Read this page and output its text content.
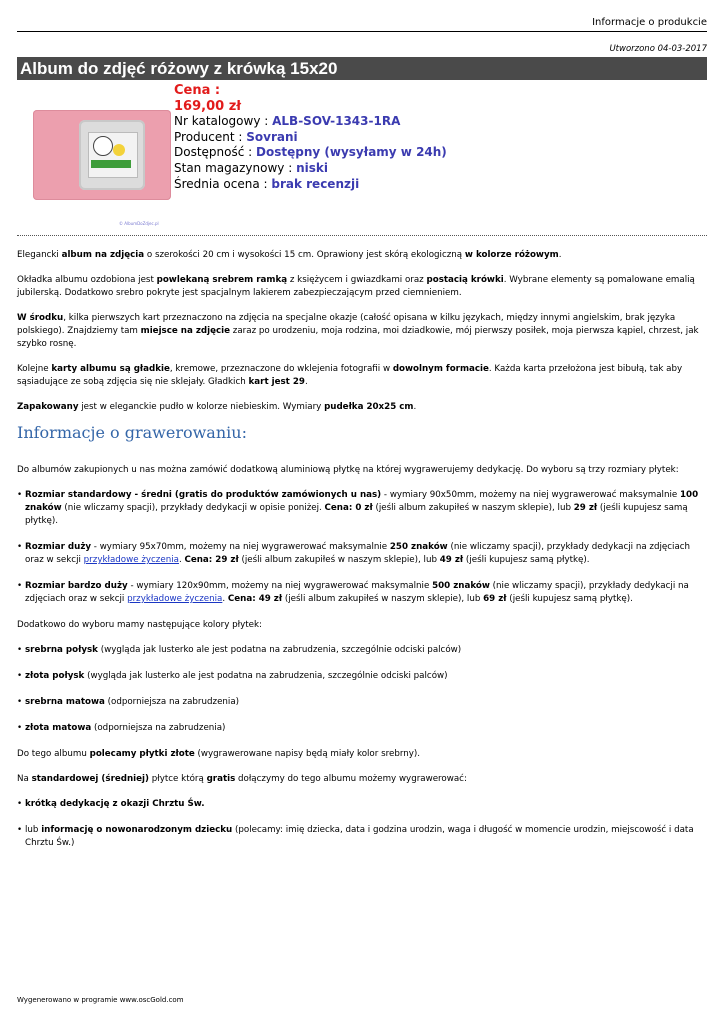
Informacje o produkcie
Utworzono 04-03-2017
Album do zdjęć różowy z krówką 15x20
© AlbumDoZdjec.pl
Cena :
169,00 zł
Nr katalogowy : ALB-SOV-1343-1RA
Producent : Sovrani
Dostępność : Dostępny (wysyłamy w 24h)
Stan magazynowy : niski
Średnia ocena : brak recenzji

Elegancki album na zdjęcia o szerokości 20 cm i wysokości 15 cm. Oprawiony jest skórą ekologiczną w kolorze różowym.

Okładka albumu ozdobiona jest powlekaną srebrem ramką z księżycem i gwiazdkami oraz postacią krówki. Wybrane elementy są pomalowane emalią jubilerską. Dodatkowo srebro pokryte jest spacjalnym lakierem zabezpieczającym przed ciemnieniem.

W środku, kilka pierwszych kart przeznaczono na zdjęcia na specjalne okazje (całość opisana w kilku językach, między innymi angielskim, brak języka polskiego). Znajdziemy tam miejsce na zdjęcie zaraz po urodzeniu, moja rodzina, moi dziadkowie, mój pierwszy posiłek, moja pierwsza kąpiel, chrzest, jak szybko rosnę.

Kolejne karty albumu są gładkie, kremowe, przeznaczone do wklejenia fotografii w dowolnym formacie. Każda karta przełożona jest bibułą, tak aby sąsiadujące ze sobą zdjęcia się nie sklejały. Gładkich kart jest 29.

Zapakowany jest w eleganckie pudło w kolorze niebieskim. Wymiary pudełka 20x25 cm.

Informacje o grawerowaniu:

Do albumów zakupionych u nas można zamówić dodatkową aluminiową płytkę na której wygrawerujemy dedykację. Do wyboru są trzy rozmiary płytek:

• Rozmiar standardowy - średni (gratis do produktów zamówionych u nas) - wymiary 90x50mm, możemy na niej wygrawerować maksymalnie 100 znaków (nie wliczamy spacji), przykłady dedykacji w opisie poniżej. Cena: 0 zł (jeśli album zakupiłeś w naszym sklepie), lub 29 zł (jeśli kupujesz samą płytkę).
• Rozmiar duży - wymiary 95x70mm, możemy na niej wygrawerować maksymalnie 250 znaków (nie wliczamy spacji), przykłady dedykacji na zdjęciach oraz w sekcji przykładowe życzenia. Cena: 29 zł (jeśli album zakupiłeś w naszym sklepie), lub 49 zł (jeśli kupujesz samą płytkę).
• Rozmiar bardzo duży - wymiary 120x90mm, możemy na niej wygrawerować maksymalnie 500 znaków (nie wliczamy spacji), przykłady dedykacji na zdjęciach oraz w sekcji przykładowe życzenia. Cena: 49 zł (jeśli album zakupiłeś w naszym sklepie), lub 69 zł (jeśli kupujesz samą płytkę).

Dodatkowo do wyboru mamy następujące kolory płytek:

• srebrna połysk (wygląda jak lusterko ale jest podatna na zabrudzenia, szczególnie odciski palców)
• złota połysk (wygląda jak lusterko ale jest podatna na zabrudzenia, szczególnie odciski palców)
• srebrna matowa (odporniejsza na zabrudzenia)
• złota matowa (odporniejsza na zabrudzenia)

Do tego albumu polecamy płytki złote (wygrawerowane napisy będą miały kolor srebrny).

Na standardowej (średniej) płytce którą gratis dołączymy do tego albumu możemy wygrawerować:

• krótką dedykację z okazji Chrztu Św.
• lub informację o nowonarodzonym dziecku (polecamy: imię dziecka, data i godzina urodzin, waga i długość w momencie urodzin, miejscowość i data Chrztu Św.)
Wygenerowano w programie www.oscGold.com
